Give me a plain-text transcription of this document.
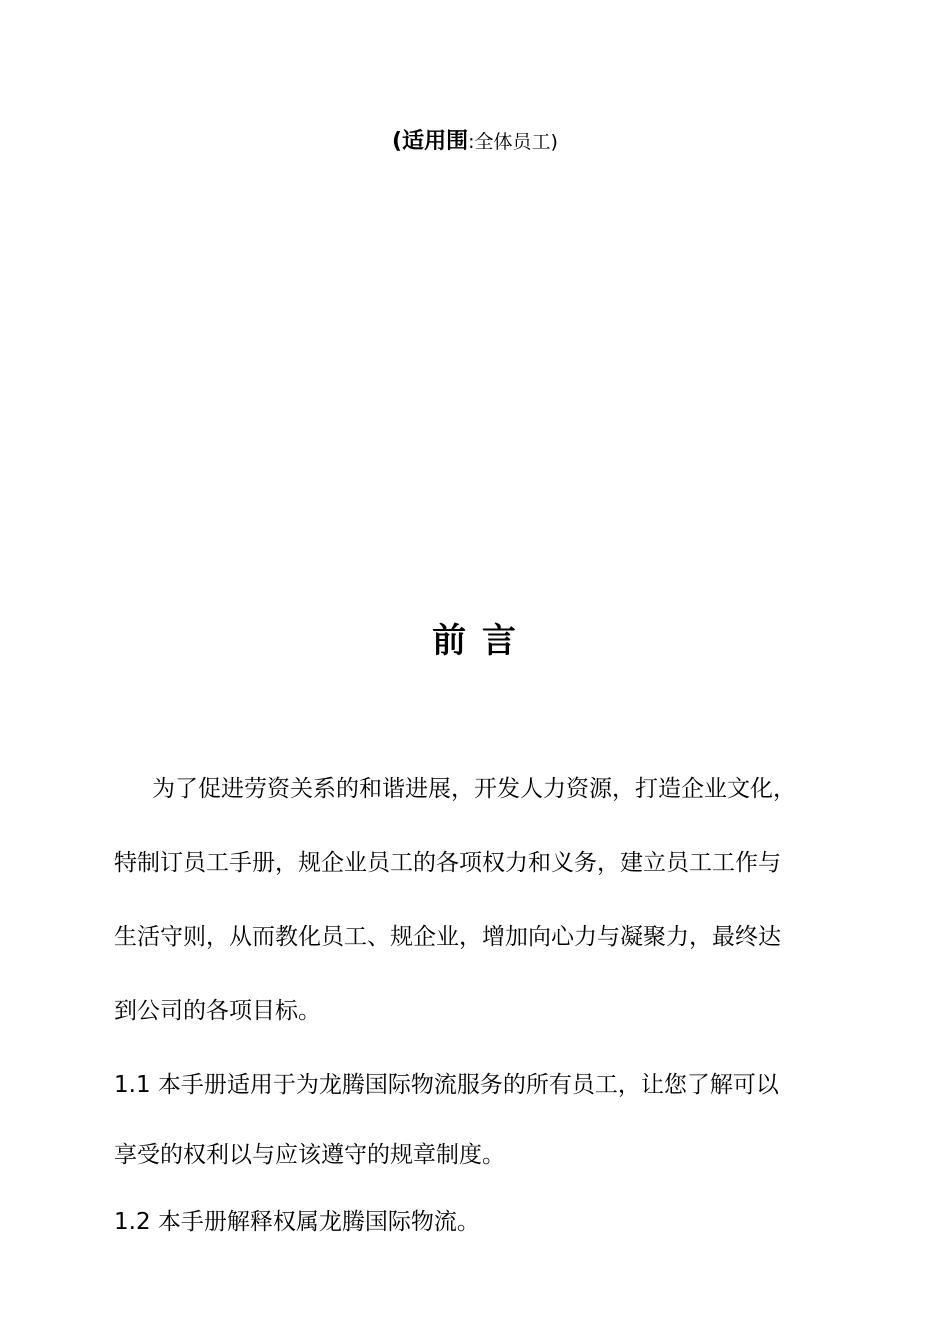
(适用围:全体员工)
前 言

为了促进劳资关系的和谐进展，开发人力资源，打造企业文化，
特制订员工手册，规企业员工的各项权力和义务，建立员工工作与
生活守则，从而教化员工、规企业，增加向心力与凝聚力，最终达
到公司的各项目标。

1.1 本手册适用于为龙腾国际物流服务的所有员工，让您了解可以
享受的权利以与应该遵守的规章制度。

1.2 本手册解释权属龙腾国际物流。
